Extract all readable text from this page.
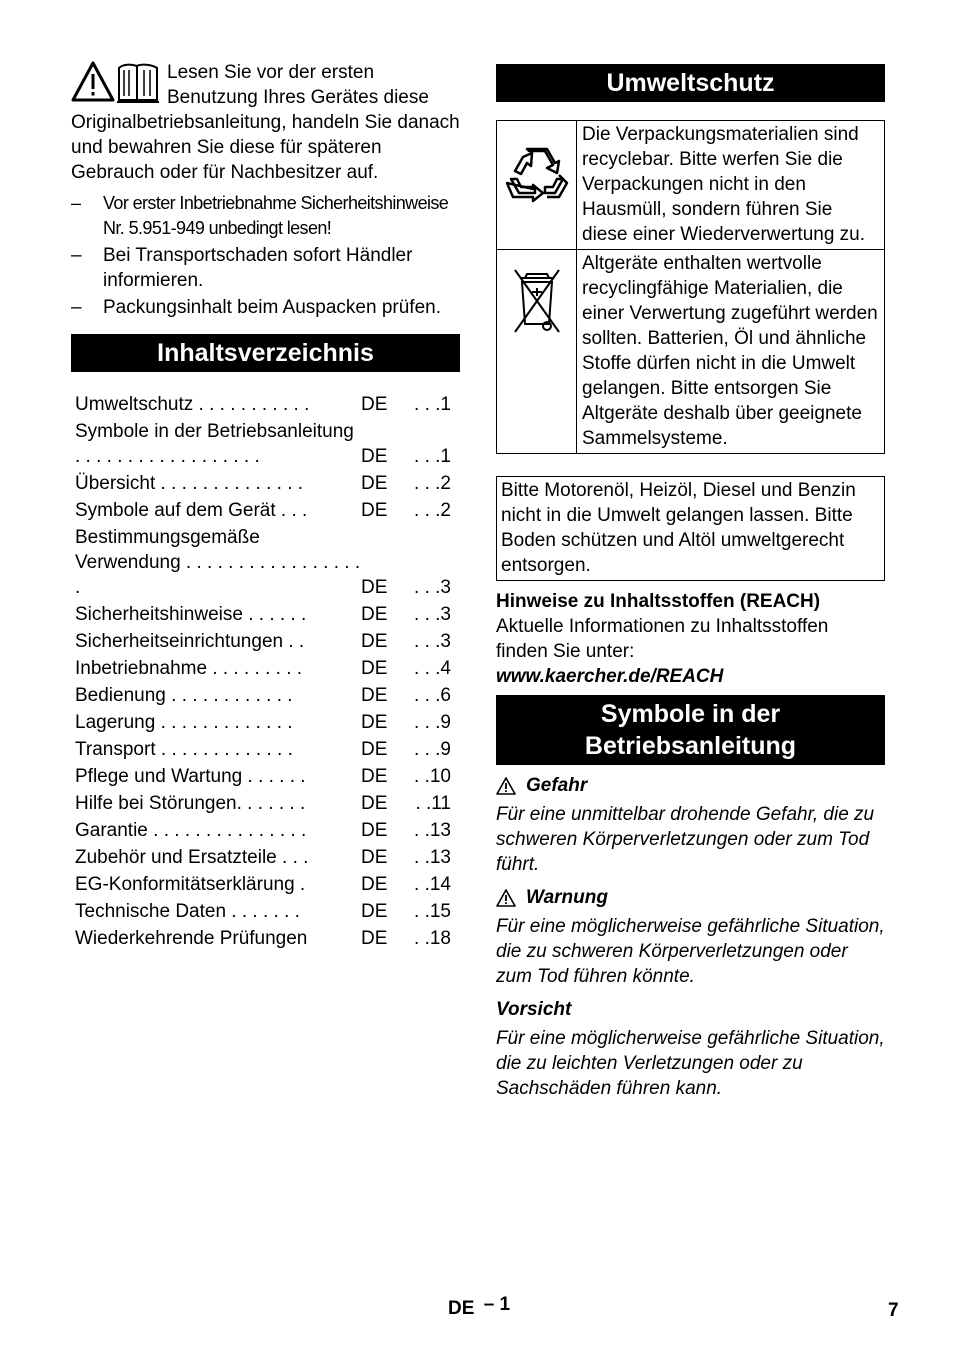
Lesen Sie vor der ersten Benutzung Ihres Gerätes diese Originalbetriebsanleitung, handeln Sie danach und bewahren Sie diese für späteren Gebrauch oder für Nachbesitzer auf.

– Vor erster Inbetriebnahme Sicherheitshinweise Nr. 5.951-949 unbedingt lesen!
– Bei Transportschaden sofort Händler informieren.
– Packungsinhalt beim Auspacken prüfen.
Inhaltsverzeichnis
Umweltschutz . . . . . . . . . . .	DE	. . .1
Symbole in der Betriebsanleitung . . . . . . . . . . . . . . . . . .	DE	. . .1
Übersicht . . . . . . . . . . . . . .	DE	. . .2
Symbole auf dem Gerät . . .	DE	. . .2
Bestimmungsgemäße Verwendung . . . . . . . . . . . . . . . . . .	DE	. . .3
Sicherheitshinweise . . . . . .	DE	. . .3
Sicherheitseinrichtungen . .	DE	. . .3
Inbetriebnahme . . . . . . . . .	DE	. . .4
Bedienung . . . . . . . . . . . .	DE	. . .6
Lagerung . . . . . . . . . . . . .	DE	. . .9
Transport . . . . . . . . . . . . .	DE	. . .9
Pflege und Wartung . . . . . .	DE	. .10
Hilfe bei Störungen. . . . . . .	DE	. .11
Garantie . . . . . . . . . . . . . . .	DE	. .13
Zubehör und Ersatzteile . . .	DE	. .13
EG-Konformitätserklärung .	DE	. .14
Technische Daten . . . . . . .	DE	. .15
Wiederkehrende Prüfungen	DE	. .18
Umweltschutz
	Die Verpackungsmaterialien sind recyclebar. Bitte werfen Sie die Verpackungen nicht in den Hausmüll, sondern führen Sie diese einer Wiederverwertung zu.
	Altgeräte enthalten wertvolle recyclingfähige Materialien, die einer Verwertung zugeführt werden sollten. Batterien, Öl und ähnliche Stoffe dürfen nicht in die Umwelt gelangen. Bitte entsorgen Sie Altgeräte deshalb über geeignete Sammelsysteme.
Bitte Motorenöl, Heizöl, Diesel und Benzin nicht in die Umwelt gelangen lassen. Bitte Boden schützen und Altöl umweltgerecht entsorgen.
Hinweise zu Inhaltsstoffen (REACH)
Aktuelle Informationen zu Inhaltsstoffen finden Sie unter:
www.kaercher.de/REACH
Symbole in der Betriebsanleitung
Gefahr
Für eine unmittelbar drohende Gefahr, die zu schweren Körperverletzungen oder zum Tod führt.
Warnung
Für eine möglicherweise gefährliche Situation, die zu schweren Körperverletzungen oder zum Tod führen könnte.
Vorsicht
Für eine möglicherweise gefährliche Situation, die zu leichten Verletzungen oder zu Sachschäden führen kann.
DE – 1	7
